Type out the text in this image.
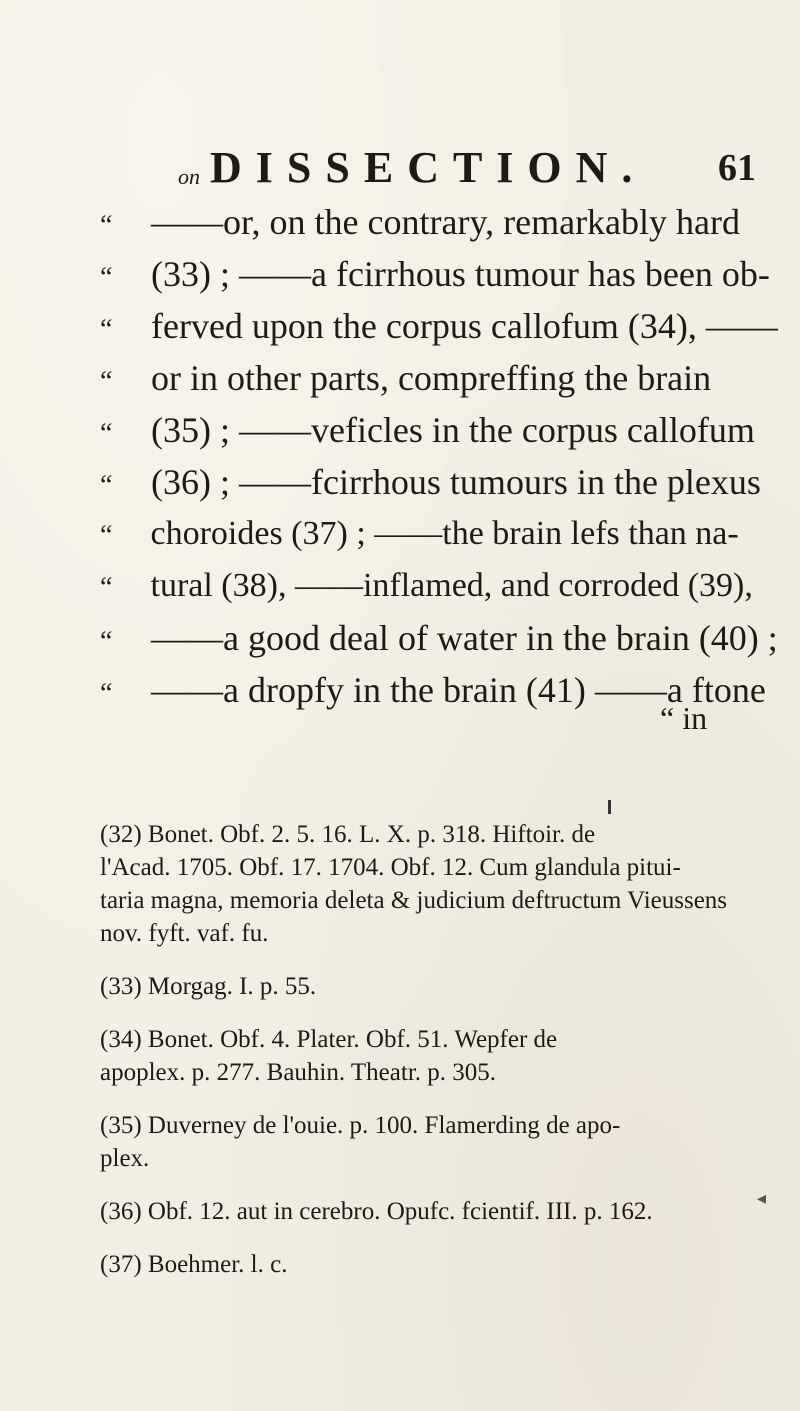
on DISSECTION. 61
“ ——or, on the contrary, remarkably hard
“ (33) ; ——a fcirrhous tumour has been ob-
“ ferved upon the corpus callofum (34), ——
“ or in other parts, compreffing the brain
“ (35) ; ——veficles in the corpus callofum
“ (36) ; ——fcirrhous tumours in the plexus
“ choroides (37) ; ——the brain lefs than na-
“ tural (38), ——inflamed, and corroded (39),
“ ——a good deal of water in the brain (40) ;
“ ——a dropfy in the brain (41) ——a ftone
“ in
(32) Bonet. Obf. 2. 5. 16. L. X. p. 318. Hiftoir. de
l'Acad. 1705. Obf. 17. 1704. Obf. 12. Cum glandula pitui-
taria magna, memoria deleta & judicium deftructum Vieussens
nov. fyft. vaf. fu.
(33) Morgag. I. p. 55.
(34) Bonet. Obf. 4. Plater. Obf. 51. Wepfer de
apoplex. p. 277. Bauhin. Theatr. p. 305.
(35) Duverney de l'ouie. p. 100. Flamerding de apo-
plex.
(36) Obf. 12. aut in cerebro. Opufc. fcientif. III. p. 162.
(37) Boehmer. l. c.
◂
